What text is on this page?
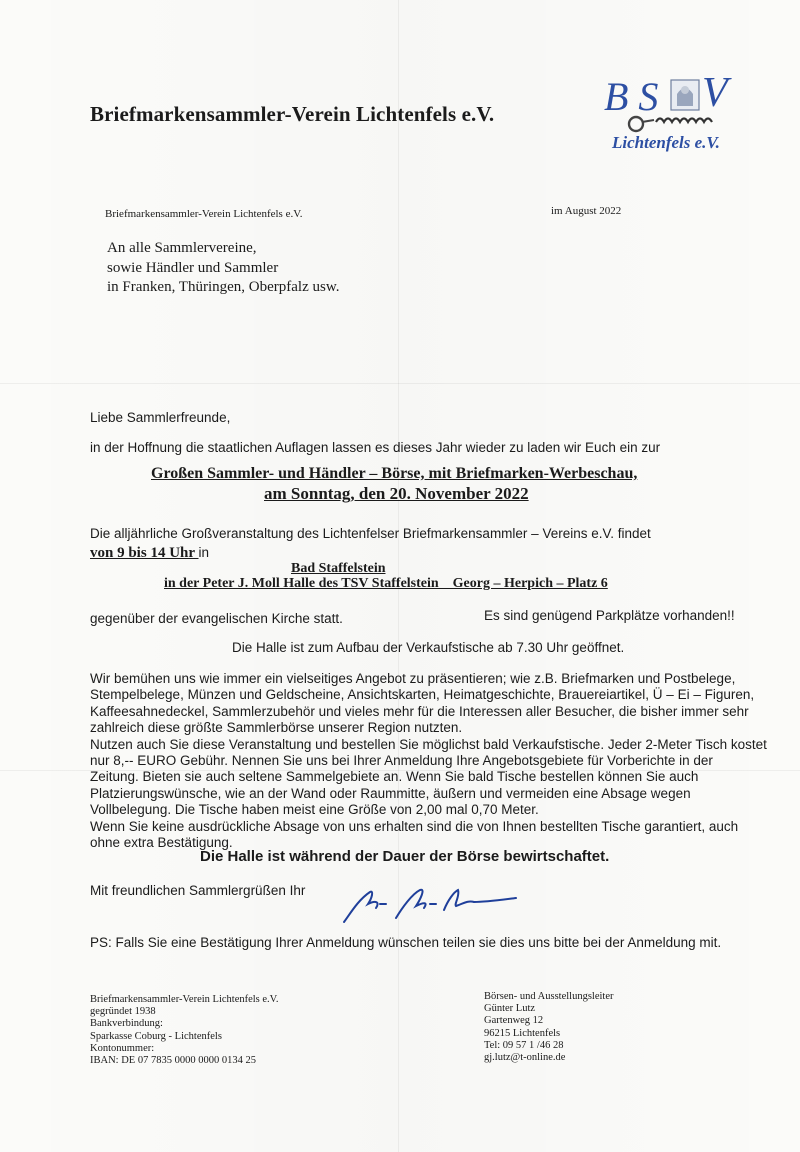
Briefmarkensammler-Verein Lichtenfels e.V.	B S V
Lichtenfels e.V.
Briefmarkensammler-Verein Lichtenfels e.V.	im August 2022
An alle Sammlervereine,
sowie Händler und Sammler
in Franken, Thüringen, Oberpfalz usw.
Liebe Sammlerfreunde,
in der Hoffnung die staatlichen Auflagen lassen es dieses Jahr wieder zu laden wir Euch ein zur
Großen Sammler- und Händler – Börse, mit Briefmarken-Werbeschau,
am Sonntag, den 20. November 2022
Die alljährliche Großveranstaltung des Lichtenfelser Briefmarkensammler – Vereins e.V. findet
von 9 bis 14 Uhr in
Bad Staffelstein
in der Peter J. Moll Halle des TSV Staffelstein    Georg – Herpich – Platz 6
gegenüber der evangelischen Kirche statt.	Es sind genügend Parkplätze vorhanden!!
Die Halle ist zum Aufbau der Verkaufstische ab 7.30 Uhr geöffnet.

Wir bemühen uns wie immer ein vielseitiges Angebot zu präsentieren; wie z.B. Briefmarken und Postbelege,

Stempelbelege, Münzen und Geldscheine, Ansichtskarten, Heimatgeschichte, Brauereiartikel, Ü – Ei – Figuren,

Kaffeesahnedeckel, Sammlerzubehör und vieles mehr für die Interessen aller Besucher, die bisher immer sehr

zahlreich diese größte Sammlerbörse unserer Region nutzten.

Nutzen auch Sie diese Veranstaltung und bestellen Sie möglichst bald Verkaufstische. Jeder 2-Meter Tisch kostet

nur 8,-- EURO Gebühr. Nennen Sie uns bei Ihrer Anmeldung Ihre Angebotsgebiete für Vorberichte in der

Zeitung. Bieten sie auch seltene Sammelgebiete an. Wenn Sie bald Tische bestellen können Sie auch

Platzierungswünsche, wie an der Wand oder Raummitte, äußern und vermeiden eine Absage wegen

Vollbelegung. Die Tische haben meist eine Größe von 2,00 mal 0,70 Meter.

Wenn Sie keine ausdrückliche Absage von uns erhalten sind die von Ihnen bestellten Tische garantiert, auch

ohne extra Bestätigung.

Die Halle ist während der Dauer der Börse bewirtschaftet.
Mit freundlichen Sammlergrüßen Ihr
PS: Falls Sie eine Bestätigung Ihrer Anmeldung wünschen teilen sie dies uns bitte bei der Anmeldung mit.
Briefmarkensammler-Verein Lichtenfels e.V.
gegründet 1938
Bankverbindung:
Sparkasse Coburg - Lichtenfels
Kontonummer:
IBAN: DE 07 7835 0000 0000 0134 25
Börsen- und Ausstellungsleiter
Günter Lutz
Gartenweg 12
96215 Lichtenfels
Tel: 09 57 1 /46 28
gj.lutz@t-online.de
